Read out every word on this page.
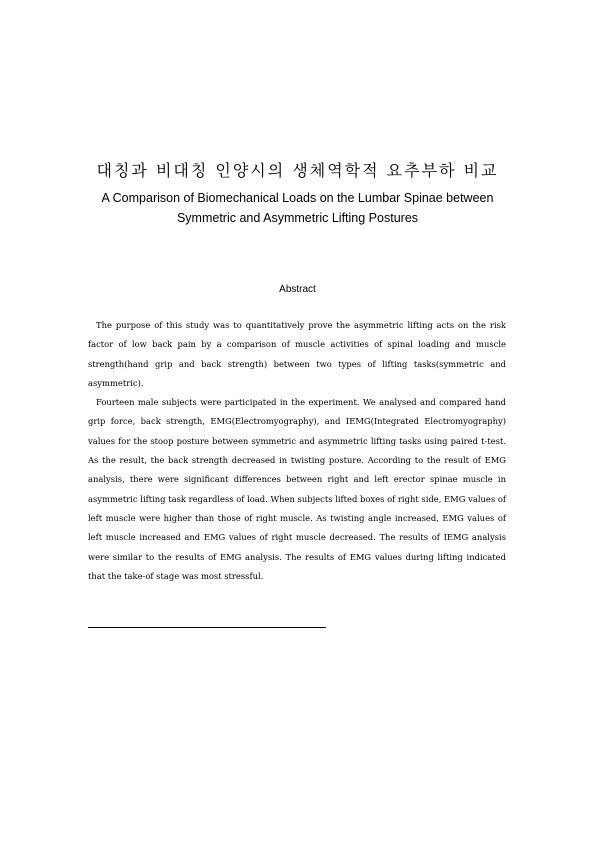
대칭과 비대칭 인양시의 생체역학적 요추부하 비교
A Comparison of Biomechanical Loads on the Lumbar Spinae between
Symmetric and Asymmetric Lifting Postures
Abstract

The purpose of this study was to quantitatively prove the asymmetric lifting acts on the risk factor of low back pain by a comparison of muscle activities of spinal loading and muscle strength(hand grip and back strength) between two types of lifting tasks(symmetric and asymmetric).

Fourteen male subjects were participated in the experiment. We analysed and compared hand grip force, back strength, EMG(Electromyography), and IEMG(Integrated Electromyography) values for the stoop posture between symmetric and asymmetric lifting tasks using paired t-test. As the result, the back strength decreased in twisting posture. According to the result of EMG analysis, there were significant differences between right and left erector spinae muscle in asymmetric lifting task regardless of load. When subjects lifted boxes of right side, EMG values of left muscle were higher than those of right muscle. As twisting angle increased, EMG values of left muscle increased and EMG values of right muscle decreased. The results of IEMG analysis were similar to the results of EMG analysis. The results of EMG values during lifting indicated that the take-of stage was most stressful.
